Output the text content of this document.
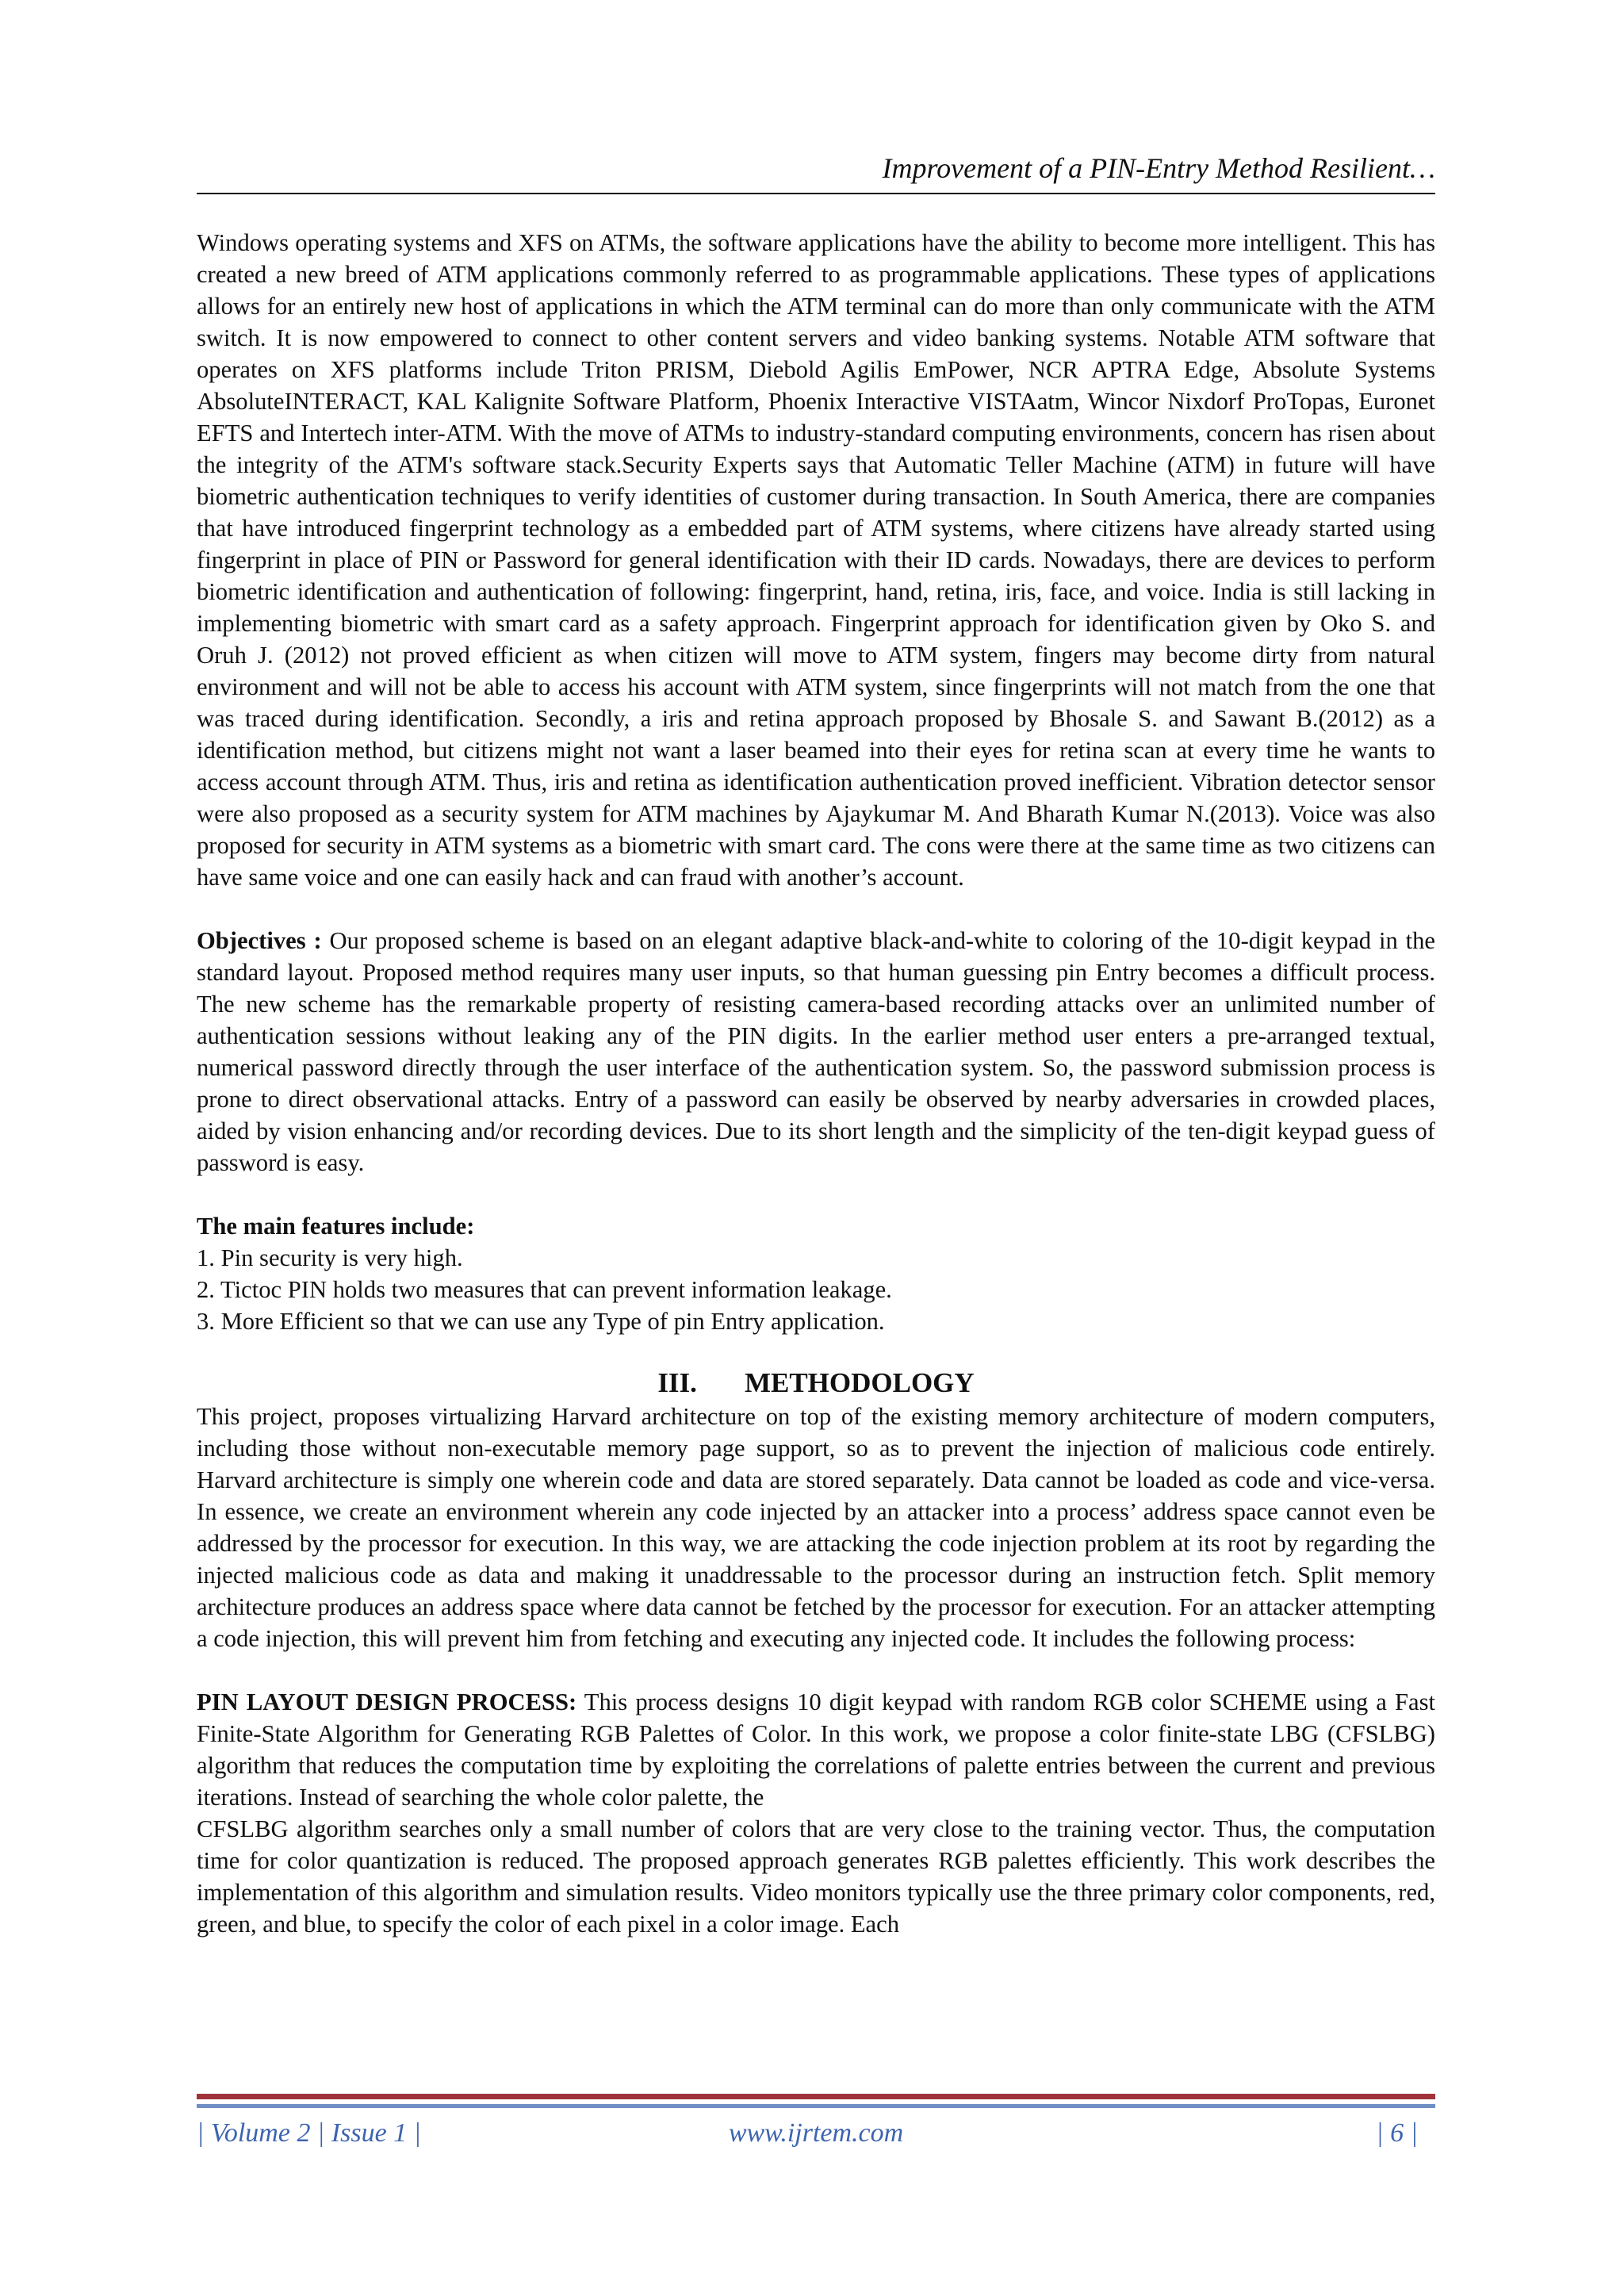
Improvement of a PIN-Entry Method Resilient…

Windows operating systems and XFS on ATMs, the software applications have the ability to become more intelligent. This has created a new breed of ATM applications commonly referred to as programmable applications. These types of applications allows for an entirely new host of applications in which the ATM terminal can do more than only communicate with the ATM switch. It is now empowered to connect to other content servers and video banking systems. Notable ATM software that operates on XFS platforms include Triton PRISM, Diebold Agilis EmPower, NCR APTRA Edge, Absolute Systems AbsoluteINTERACT, KAL Kalignite Software Platform, Phoenix Interactive VISTAatm, Wincor Nixdorf ProTopas, Euronet EFTS and Intertech inter-ATM. With the move of ATMs to industry-standard computing environments, concern has risen about the integrity of the ATM's software stack.Security Experts says that Automatic Teller Machine (ATM) in future will have biometric authentication techniques to verify identities of customer during transaction. In South America, there are companies that have introduced fingerprint technology as a embedded part of ATM systems, where citizens have already started using fingerprint in place of PIN or Password for general identification with their ID cards. Nowadays, there are devices to perform biometric identification and authentication of following: fingerprint, hand, retina, iris, face, and voice. India is still lacking in implementing biometric with smart card as a safety approach. Fingerprint approach for identification given by Oko S. and Oruh J. (2012) not proved efficient as when citizen will move to ATM system, fingers may become dirty from natural environment and will not be able to access his account with ATM system, since fingerprints will not match from the one that was traced during identification. Secondly, a iris and retina approach proposed by Bhosale S. and Sawant B.(2012) as a identification method, but citizens might not want a laser beamed into their eyes for retina scan at every time he wants to access account through ATM. Thus, iris and retina as identification authentication proved inefficient. Vibration detector sensor were also proposed as a security system for ATM machines by Ajaykumar M. And Bharath Kumar N.(2013). Voice was also proposed for security in ATM systems as a biometric with smart card. The cons were there at the same time as two citizens can have same voice and one can easily hack and can fraud with another’s account.

Objectives : Our proposed scheme is based on an elegant adaptive black-and-white to coloring of the 10-digit keypad in the standard layout. Proposed method requires many user inputs, so that human guessing pin Entry becomes a difficult process. The new scheme has the remarkable property of resisting camera-based recording attacks over an unlimited number of authentication sessions without leaking any of the PIN digits. In the earlier method user enters a pre-arranged textual, numerical password directly through the user interface of the authentication system. So, the password submission process is prone to direct observational attacks. Entry of a password can easily be observed by nearby adversaries in crowded places, aided by vision enhancing and/or recording devices. Due to its short length and the simplicity of the ten-digit keypad guess of password is easy.

The main features include:

1. Pin security is very high.

2. Tictoc PIN holds two measures that can prevent information leakage.

3. More Efficient so that we can use any Type of pin Entry application.

III. METHODOLOGY

This project, proposes virtualizing Harvard architecture on top of the existing memory architecture of modern computers, including those without non-executable memory page support, so as to prevent the injection of malicious code entirely. Harvard architecture is simply one wherein code and data are stored separately. Data cannot be loaded as code and vice-versa. In essence, we create an environment wherein any code injected by an attacker into a process’ address space cannot even be addressed by the processor for execution. In this way, we are attacking the code injection problem at its root by regarding the injected malicious code as data and making it unaddressable to the processor during an instruction fetch. Split memory architecture produces an address space where data cannot be fetched by the processor for execution. For an attacker attempting a code injection, this will prevent him from fetching and executing any injected code. It includes the following process:

PIN LAYOUT DESIGN PROCESS: This process designs 10 digit keypad with random RGB color SCHEME using a Fast Finite-State Algorithm for Generating RGB Palettes of Color. In this work, we propose a color finite-state LBG (CFSLBG) algorithm that reduces the computation time by exploiting the correlations of palette entries between the current and previous iterations. Instead of searching the whole color palette, the

CFSLBG algorithm searches only a small number of colors that are very close to the training vector. Thus, the computation time for color quantization is reduced. The proposed approach generates RGB palettes efficiently. This work describes the implementation of this algorithm and simulation results. Video monitors typically use the three primary color components, red, green, and blue, to specify the color of each pixel in a color image. Each

| Volume 2 | Issue 1 |	www.ijrtem.com	| 6 |
